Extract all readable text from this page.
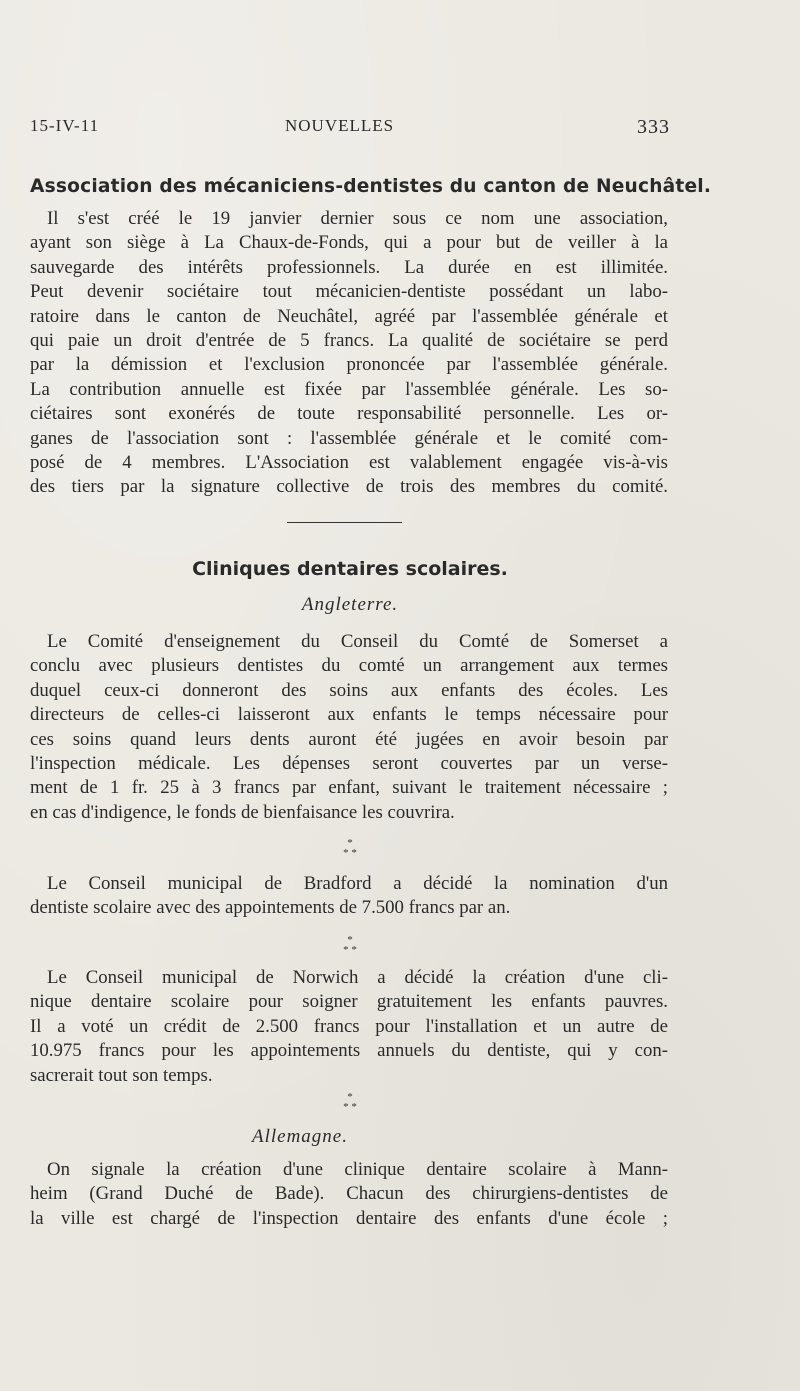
15-IV-11	NOUVELLES	333
Association des mécaniciens-dentistes du canton de Neuchâtel.
Il s'est créé le 19 janvier dernier sous ce nom une association,
ayant son siège à La Chaux-de-Fonds, qui a pour but de veiller à la
sauvegarde des intérêts professionnels. La durée en est illimitée.
Peut devenir sociétaire tout mécanicien-dentiste possédant un labo-
ratoire dans le canton de Neuchâtel, agréé par l'assemblée générale et
qui paie un droit d'entrée de 5 francs. La qualité de sociétaire se perd
par la démission et l'exclusion prononcée par l'assemblée générale.
La contribution annuelle est fixée par l'assemblée générale. Les so-
ciétaires sont exonérés de toute responsabilité personnelle. Les or-
ganes de l'association sont : l'assemblée générale et le comité com-
posé de 4 membres. L'Association est valablement engagée vis-à-vis
des tiers par la signature collective de trois des membres du comité.
Cliniques dentaires scolaires.
Angleterre.
Le Comité d'enseignement du Conseil du Comté de Somerset a
conclu avec plusieurs dentistes du comté un arrangement aux termes
duquel ceux-ci donneront des soins aux enfants des écoles. Les
directeurs de celles-ci laisseront aux enfants le temps nécessaire pour
ces soins quand leurs dents auront été jugées en avoir besoin par
l'inspection médicale. Les dépenses seront couvertes par un verse-
ment de 1 fr. 25 à 3 francs par enfant, suivant le traitement nécessaire ;
en cas d'indigence, le fonds de bienfaisance les couvrira.
*
* *
Le Conseil municipal de Bradford a décidé la nomination d'un
dentiste scolaire avec des appointements de 7.500 francs par an.
*
* *
Le Conseil municipal de Norwich a décidé la création d'une cli-
nique dentaire scolaire pour soigner gratuitement les enfants pauvres.
Il a voté un crédit de 2.500 francs pour l'installation et un autre de
10.975 francs pour les appointements annuels du dentiste, qui y con-
sacrerait tout son temps.
*
* *
Allemagne.
On signale la création d'une clinique dentaire scolaire à Mann-
heim (Grand Duché de Bade). Chacun des chirurgiens-dentistes de
la ville est chargé de l'inspection dentaire des enfants d'une école ;
